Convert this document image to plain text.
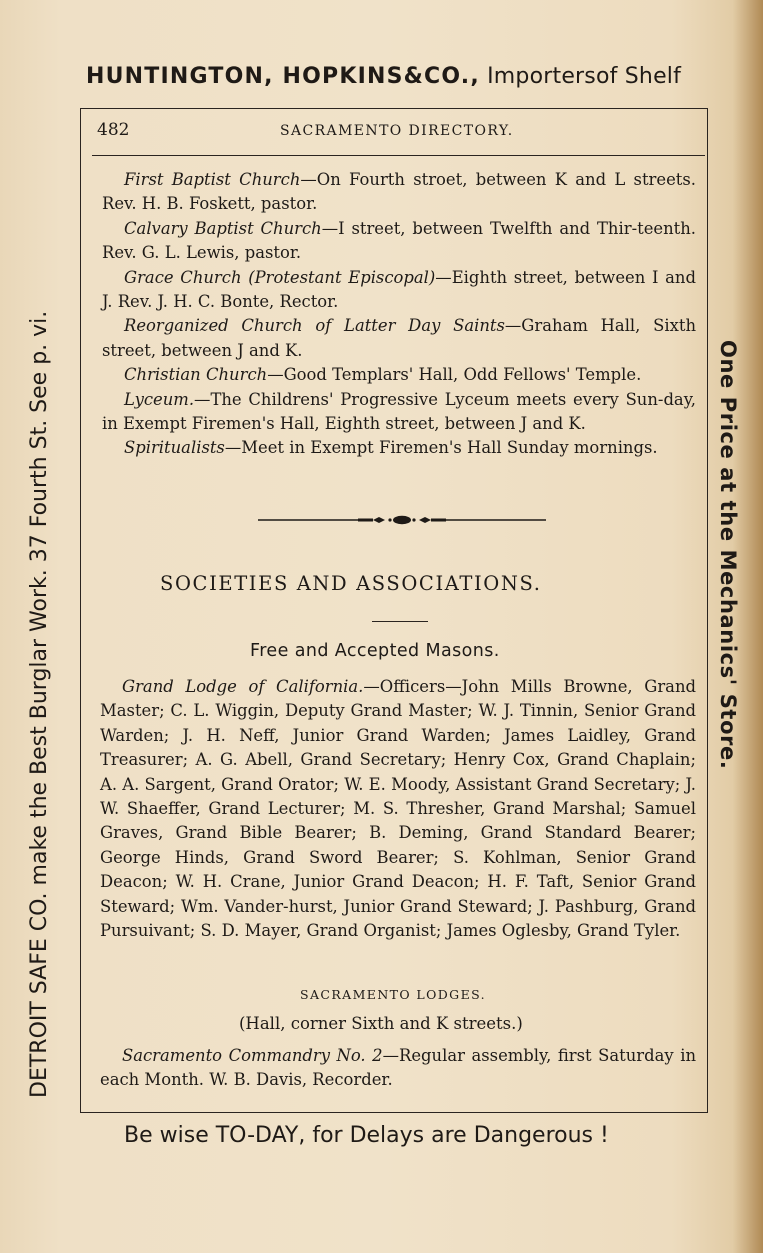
HUNTINGTON, HOPKINS&CO., Importersof Shelf
DETROIT SAFE CO. make the Best Burglar Work. 37 Fourth St. See p. vi.	One Price at the Mechanics' Store.
482	SACRAMENTO DIRECTORY.

First Baptist Church—On Fourth stroet, between K and L streets. Rev. H. B. Foskett, pastor.

Calvary Baptist Church—I street, between Twelfth and Thir-teenth. Rev. G. L. Lewis, pastor.

Grace Church (Protestant Episcopal)—Eighth street, between I and J. Rev. J. H. C. Bonte, Rector.

Reorganized Church of Latter Day Saints—Graham Hall, Sixth street, between J and K.

Christian Church—Good Templars' Hall, Odd Fellows' Temple.

Lyceum.—The Childrens' Progressive Lyceum meets every Sun-day, in Exempt Firemen's Hall, Eighth street, between J and K.

Spiritualists—Meet in Exempt Firemen's Hall Sunday mornings.

SOCIETIES AND ASSOCIATIONS.
Free and Accepted Masons.

Grand Lodge of California.—Officers—John Mills Browne, Grand Master; C. L. Wiggin, Deputy Grand Master; W. J. Tinnin, Senior Grand Warden; J. H. Neff, Junior Grand Warden; James Laidley, Grand Treasurer; A. G. Abell, Grand Secretary; Henry Cox, Grand Chaplain; A. A. Sargent, Grand Orator; W. E. Moody, Assistant Grand Secretary; J. W. Shaeffer, Grand Lecturer; M. S. Thresher, Grand Marshal; Samuel Graves, Grand Bible Bearer; B. Deming, Grand Standard Bearer; George Hinds, Grand Sword Bearer; S. Kohlman, Senior Grand Deacon; W. H. Crane, Junior Grand Deacon; H. F. Taft, Senior Grand Steward; Wm. Vander-hurst, Junior Grand Steward; J. Pashburg, Grand Pursuivant; S. D. Mayer, Grand Organist; James Oglesby, Grand Tyler.

SACRAMENTO LODGES.
(Hall, corner Sixth and K streets.)

Sacramento Commandry No. 2—Regular assembly, first Saturday in each Month. W. B. Davis, Recorder.

Be wise TO-DAY, for Delays are Dangerous !
